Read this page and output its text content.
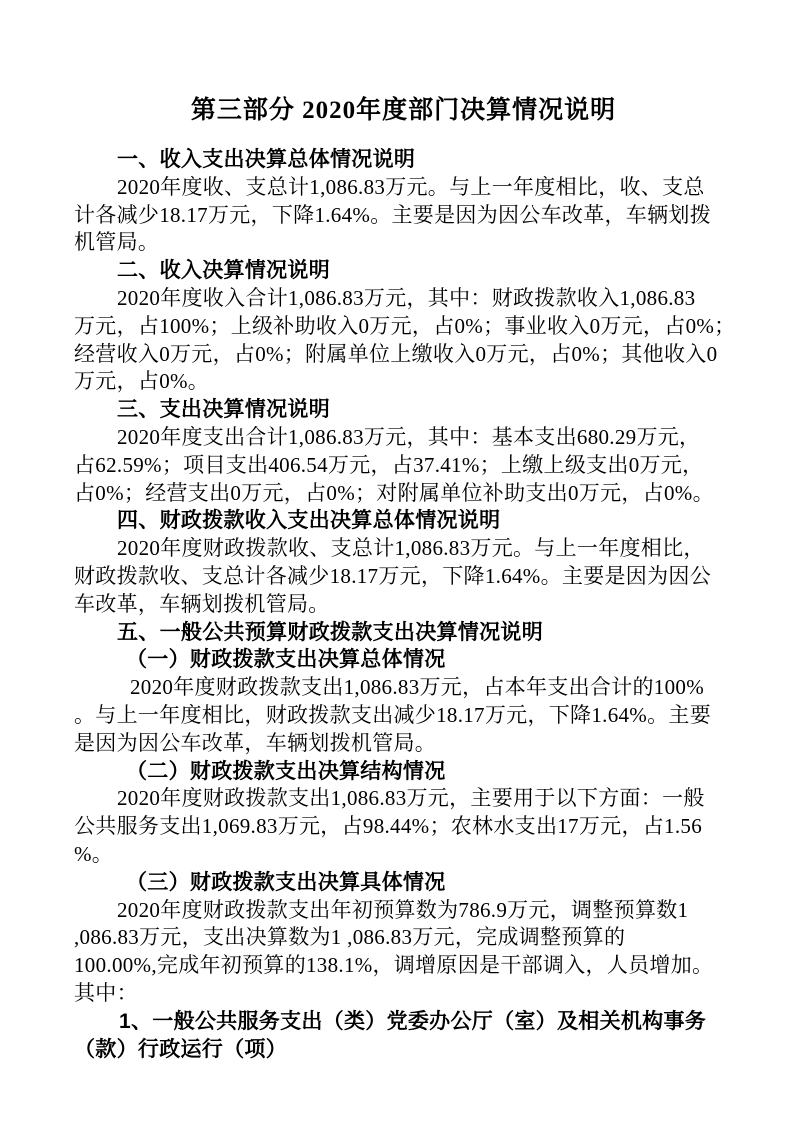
第三部分 2020年度部门决算情况说明
一、收入支出决算总体情况说明
2020年度收、支总计1,086.83万元。与上一年度相比，收、支总
计各减少18.17万元，下降1.64%。主要是因为因公车改革，车辆划拨
机管局。
二、收入决算情况说明
2020年度收入合计1,086.83万元，其中：财政拨款收入1,086.83
万元，占100%；上级补助收入0万元，占0%；事业收入0万元，占0%；
经营收入0万元，占0%；附属单位上缴收入0万元，占0%；其他收入0
万元，占0%。
三、支出决算情况说明
2020年度支出合计1,086.83万元，其中：基本支出680.29万元，
占62.59%；项目支出406.54万元，占37.41%；上缴上级支出0万元，
占0%；经营支出0万元，占0%；对附属单位补助支出0万元，占0%。
四、财政拨款收入支出决算总体情况说明
2020年度财政拨款收、支总计1,086.83万元。与上一年度相比，
财政拨款收、支总计各减少18.17万元，下降1.64%。主要是因为因公
车改革，车辆划拨机管局。
五、一般公共预算财政拨款支出决算情况说明
（一）财政拨款支出决算总体情况
2020年度财政拨款支出1,086.83万元，占本年支出合计的100%
。与上一年度相比，财政拨款支出减少18.17万元，下降1.64%。主要
是因为因公车改革，车辆划拨机管局。
（二）财政拨款支出决算结构情况
2020年度财政拨款支出1,086.83万元，主要用于以下方面：一般
公共服务支出1,069.83万元，占98.44%；农林水支出17万元，占1.56
%。
（三）财政拨款支出决算具体情况
2020年度财政拨款支出年初预算数为786.9万元，调整预算数1
,086.83万元，支出决算数为1 ,086.83万元，完成调整预算的
100.00%,完成年初预算的138.1%，调增原因是干部调入，人员增加。
其中：
1、一般公共服务支出（类）党委办公厅（室）及相关机构事务
（款）行政运行（项）
